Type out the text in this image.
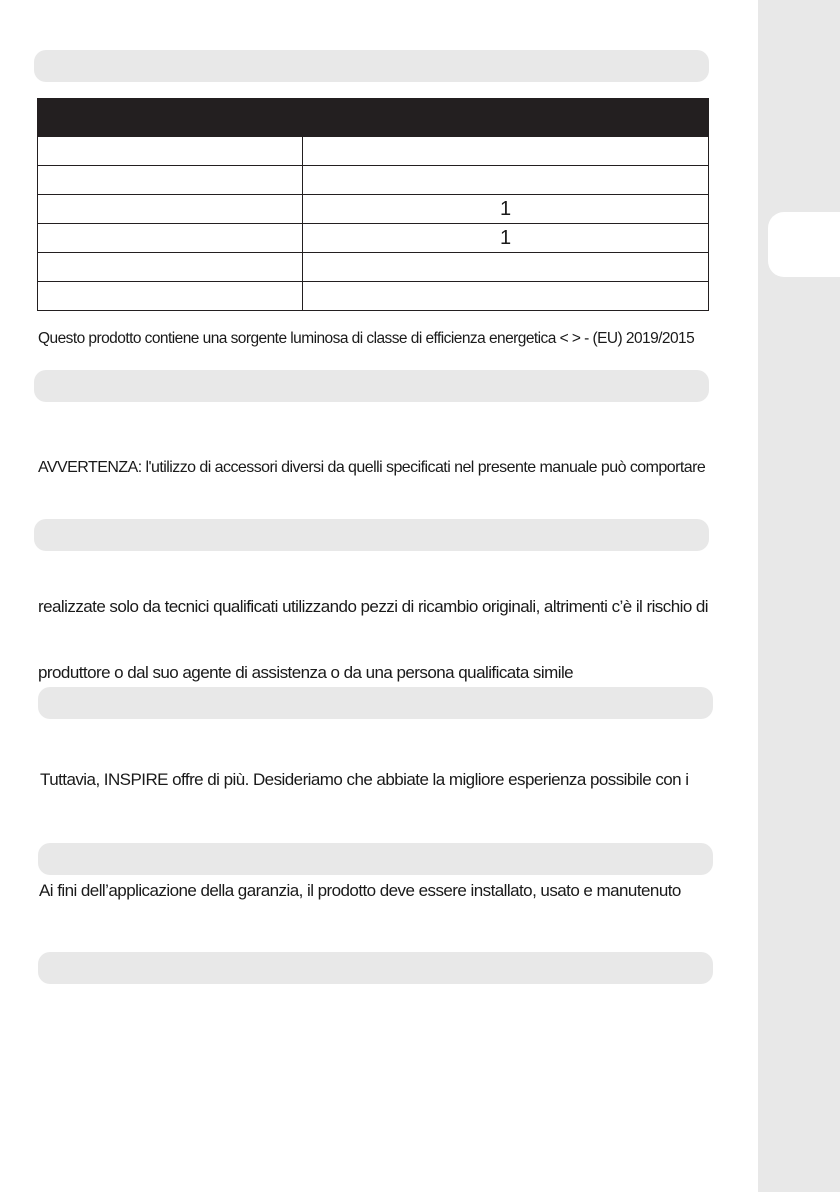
	1
	1

Questo prodotto contiene una sorgente luminosa di classe di efficienza energetica < > - (EU) 2019/2015

AVVERTENZA: l'utilizzo di accessori diversi da quelli specificati nel presente manuale può comportare

realizzate solo da tecnici qualificati utilizzando pezzi di ricambio originali, altrimenti c’è il rischio di

produttore o dal suo agente di assistenza o da una persona qualificata simile

Tuttavia, INSPIRE offre di più. Desideriamo che abbiate la migliore esperienza possibile con i

Ai fini dell’applicazione della garanzia, il prodotto deve essere installato, usato e manutenuto
